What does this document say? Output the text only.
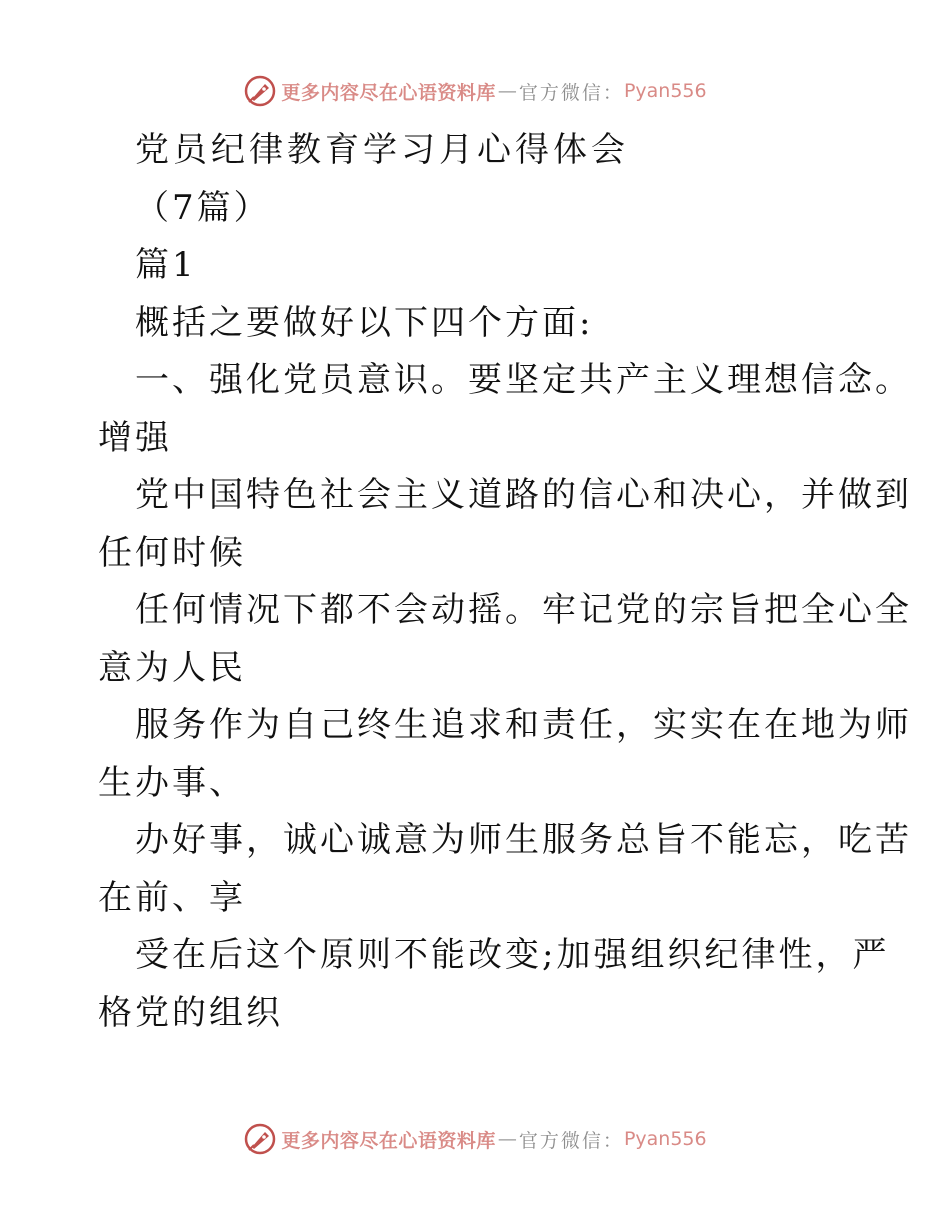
更多内容尽在心语资料库 — 官方微信： Pyan556
党员纪律教育学习月心得体会
（7篇）
篇1
概括之要做好以下四个方面:
一、强化党员意识。要坚定共产主义理想信念。
增强
党中国特色社会主义道路的信心和决心，并做到
任何时候
任何情况下都不会动摇。牢记党的宗旨把全心全
意为人民
服务作为自己终生追求和责任，实实在在地为师
生办事、
办好事，诚心诚意为师生服务总旨不能忘，吃苦
在前、享
受在后这个原则不能改变;加强组织纪律性，严
格党的组织
更多内容尽在心语资料库 — 官方微信： Pyan556
